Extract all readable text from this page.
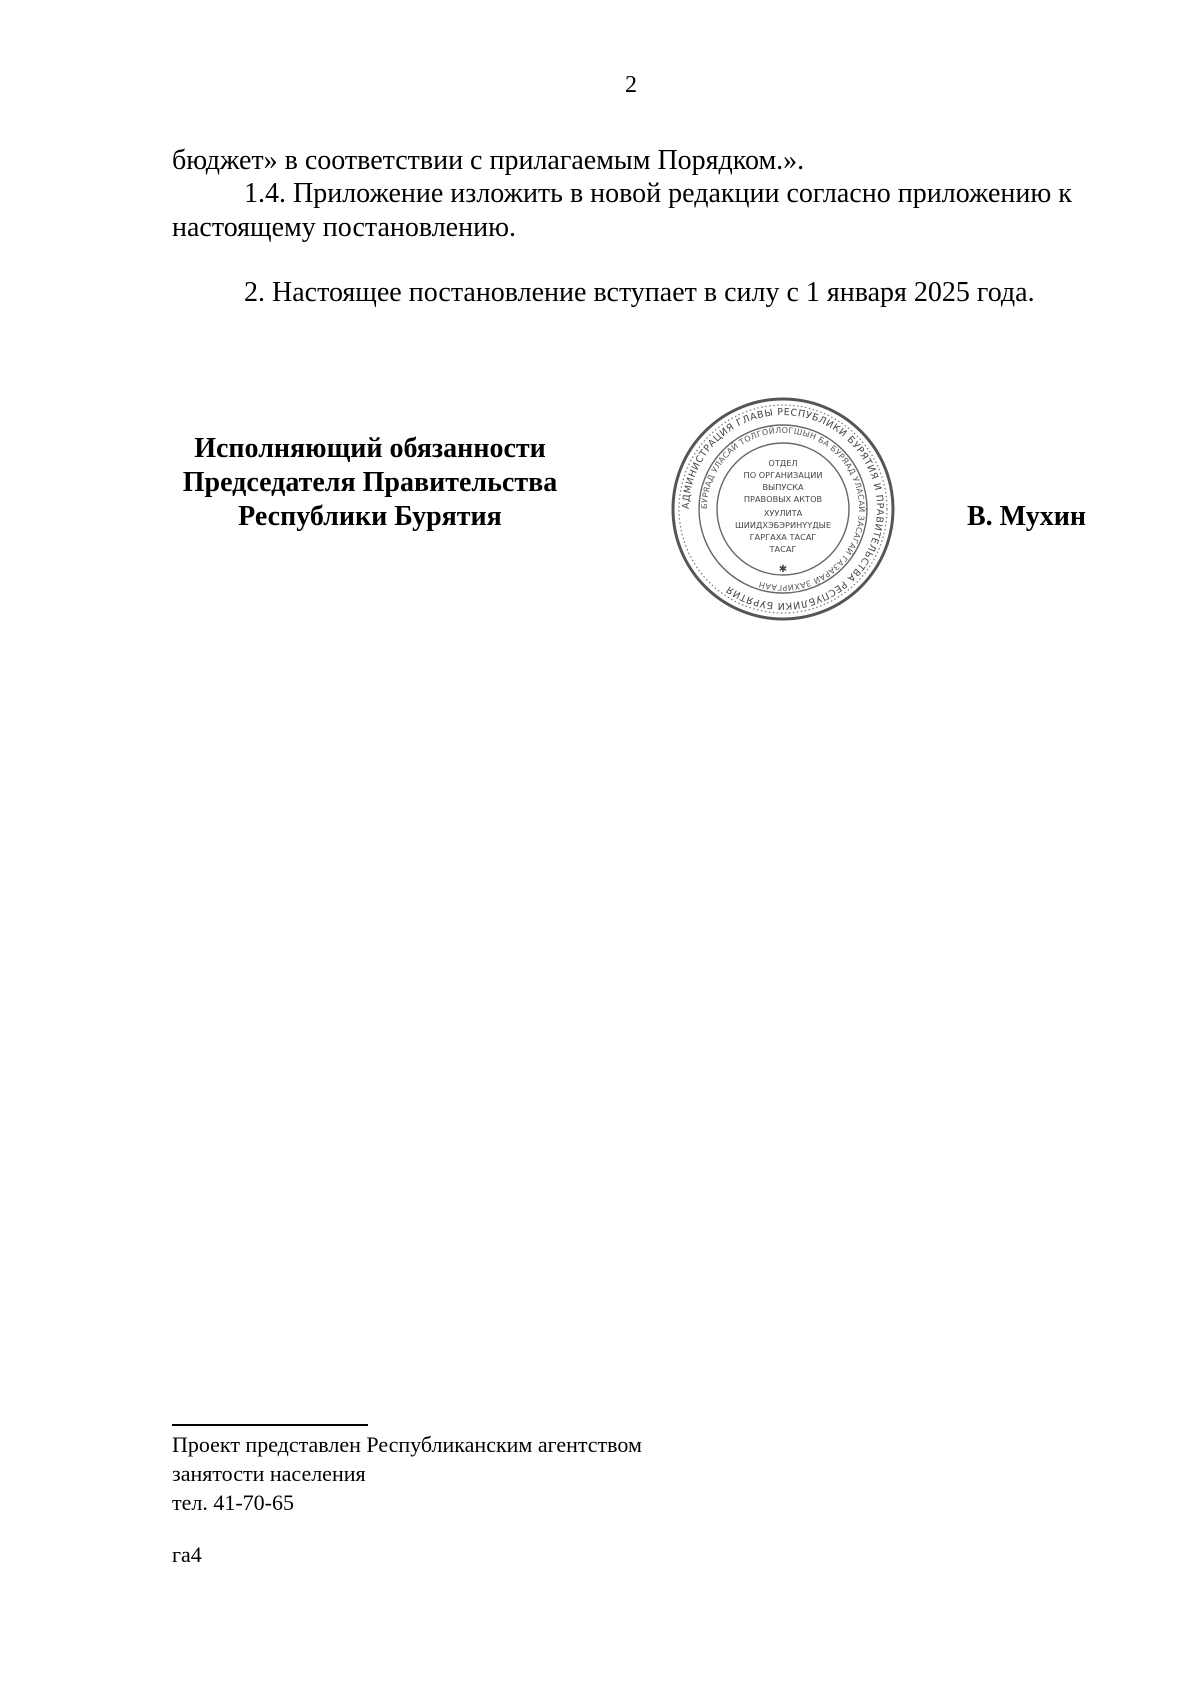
2
бюджет» в соответствии с прилагаемым Порядком.».
1.4. Приложение изложить в новой редакции согласно приложению к настоящему постановлению.
2. Настоящее постановление вступает в силу с 1 января 2025 года.
Исполняющий обязанности
Председателя Правительства
Республики Бурятия	АДМИНИСТРАЦИЯ ГЛАВЫ РЕСПУБЛИКИ БУРЯТИЯ И ПРАВИТЕЛЬСТВА РЕСПУБЛИКИ БУРЯТИЯ
БУРЯАД УЛАСАЙ ТОЛГОЙЛОГШЫН БА БУРЯАД УЛАСАЙ ЗАСАГАЙ ГАЗАРАЙ ЗАХИРГААН
ОТДЕЛ
ПО ОРГАНИЗАЦИИ
ВЫПУСКА
ПРАВОВЫХ АКТОВ
ХУУЛИТА
ШИИДХЭБЭРИНҮҮДЫЕ
ГАРГАХА ТАСАГ
ТАСАГ
✱
В. Мухин
Проект представлен Республиканским агентством
занятости населения
тел. 41-70-65
га4
